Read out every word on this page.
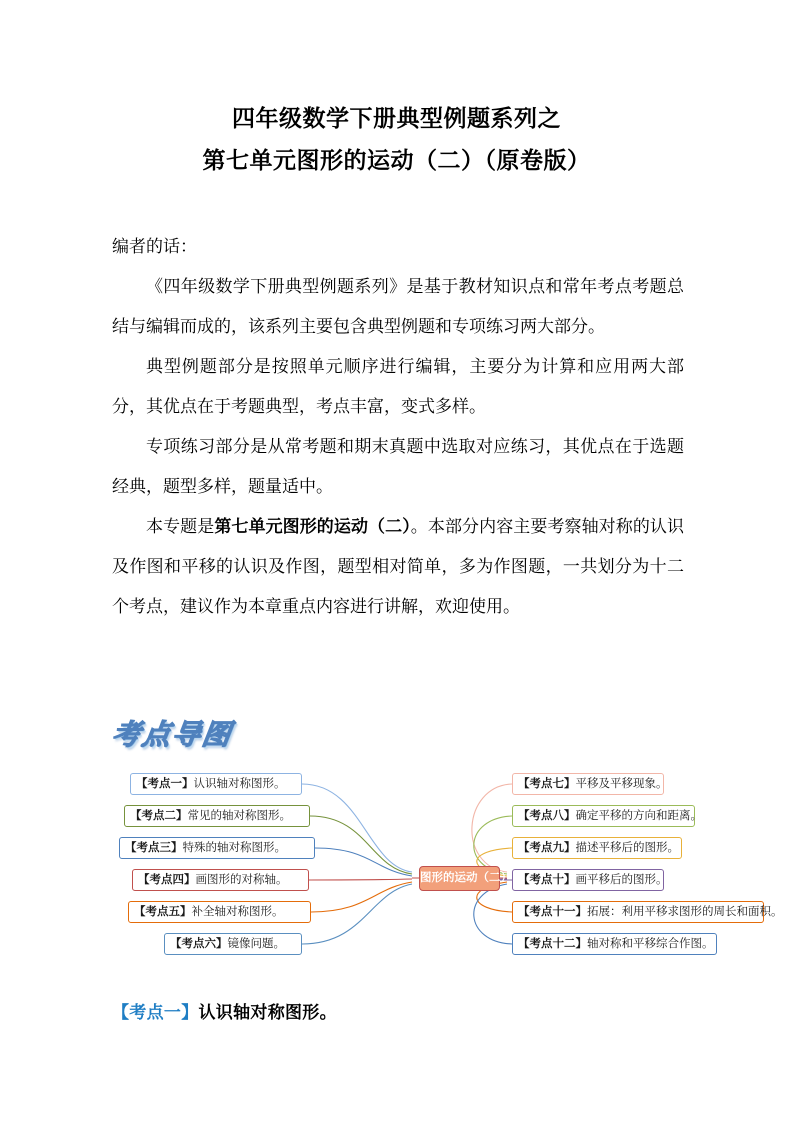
四年级数学下册典型例题系列之
第七单元图形的运动（二）（原卷版）

编者的话：

《四年级数学下册典型例题系列》是基于教材知识点和常年考点考题总结与编辑而成的，该系列主要包含典型例题和专项练习两大部分。

典型例题部分是按照单元顺序进行编辑，主要分为计算和应用两大部分，其优点在于考题典型，考点丰富，变式多样。

专项练习部分是从常考题和期末真题中选取对应练习，其优点在于选题经典，题型多样，题量适中。

本专题是第七单元图形的运动（二）。本部分内容主要考察轴对称的认识及作图和平移的认识及作图，题型相对简单，多为作图题，一共划分为十二个考点，建议作为本章重点内容进行讲解，欢迎使用。

考点导图
【考点一】认识轴对称图形。
【考点二】常见的轴对称图形。
【考点三】特殊的轴对称图形。
【考点四】画图形的对称轴。
【考点五】补全轴对称图形。
【考点六】镜像问题。
图形的运动（二）
【考点七】平移及平移现象。
【考点八】确定平移的方向和距离。
【考点九】描述平移后的图形。
【考点十】画平移后的图形。
【考点十一】拓展：利用平移求图形的周长和面积。
【考点十二】轴对称和平移综合作图。
【考点一】认识轴对称图形。
